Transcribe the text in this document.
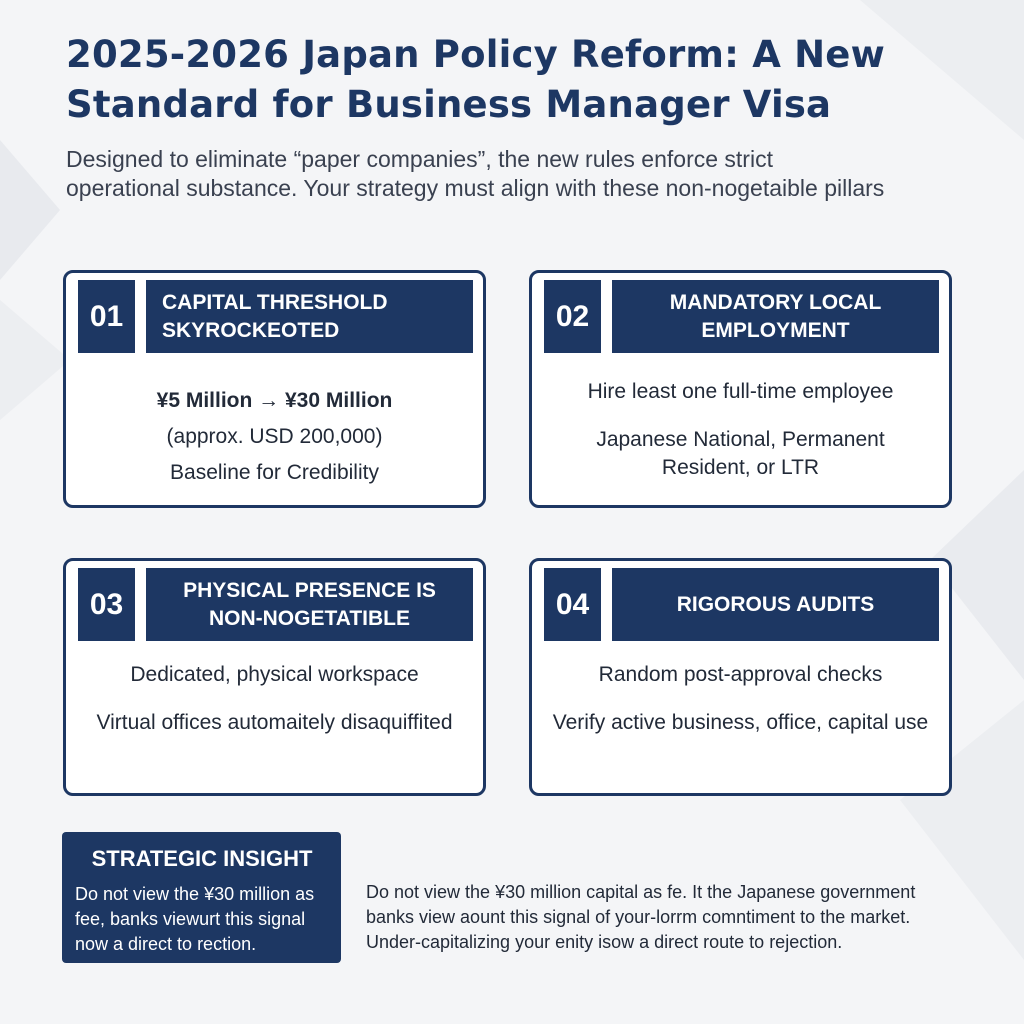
2025-2026 Japan Policy Reform: A New
Standard for Business Manager Visa
Designed to eliminate “paper companies”, the new rules enforce strict
operational substance. Your strategy must align with these non-nogetaible pillars
01	CAPITAL THRESHOLD
SKYROCKEOTED
¥5 Million → ¥30 Million
(approx. USD 200,000)
Baseline for Credibility
02	MANDATORY LOCAL
EMPLOYMENT
Hire least one full-time employee
Japanese National, Permanent
Resident, or LTR
03	PHYSICAL PRESENCE IS
NON-NOGETATIBLE
Dedicated, physical workspace
Virtual offices automaitely disaquiffited
04	RIGOROUS AUDITS
Random post-approval checks
Verify active business, office, capital use
STRATEGIC INSIGHT
Do not view the ¥30 million as
fee, banks viewurt this signal
now a direct to rection.
Do not view the ¥30 million capital as fe. It the Japanese government
banks view aount this signal of your-lorrm comntiment to the market.
Under-capitalizing your enity isow a direct route to rejection.
